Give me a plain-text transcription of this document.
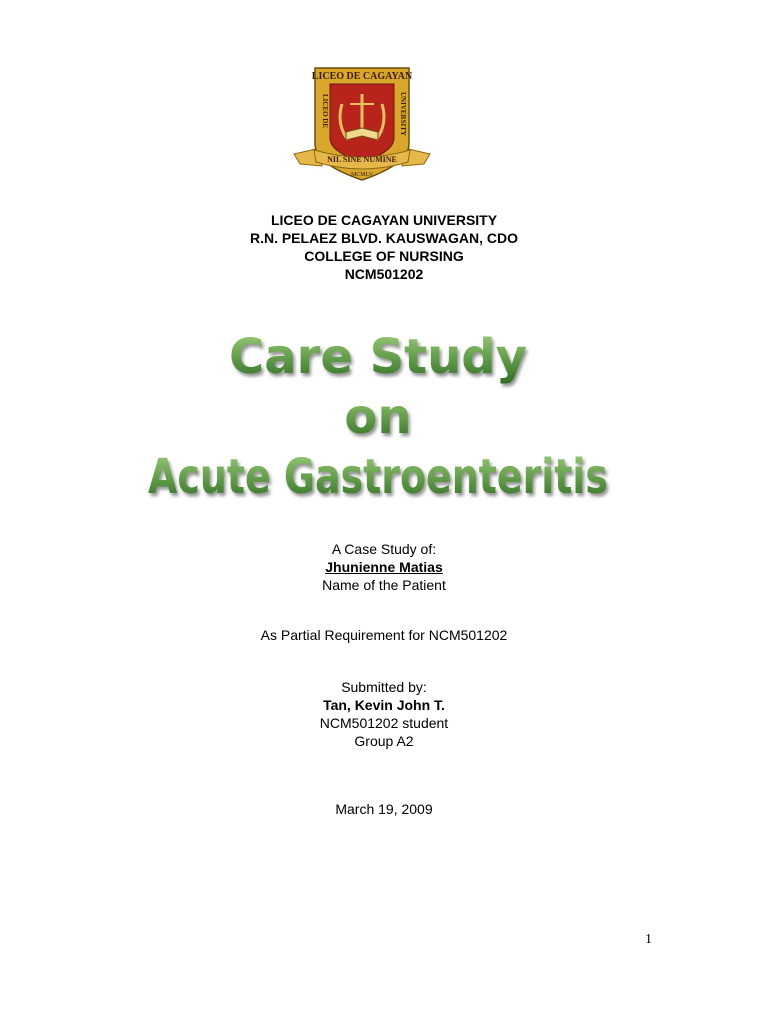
LICEO DE CAGAYAN
LICEO DE	UNIVERSITY
NIL SINE NUMINE
MCMLV
LICEO DE CAGAYAN UNIVERSITY
R.N. PELAEZ BLVD. KAUSWAGAN, CDO
COLLEGE OF NURSING
NCM501202
Care Study
on
Acute Gastroenteritis
A Case Study of:
Jhunienne Matias
Name of the Patient
As Partial Requirement for NCM501202
Submitted by:
Tan, Kevin John T.
NCM501202 student
Group A2
March 19, 2009
1
